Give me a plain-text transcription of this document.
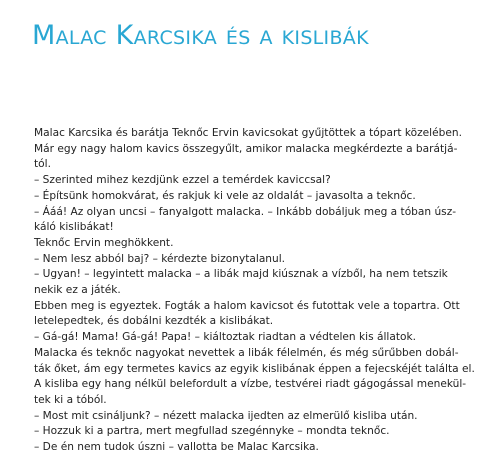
Malac Karcsika és a kislibák
Malac Karcsika és barátja Teknőc Ervin kavicsokat gyűjtöttek a tópart közelében.
Már egy nagy halom kavics összegyűlt, amikor malacka megkérdezte a barátjá-
tól.
– Szerinted mihez kezdjünk ezzel a temérdek kaviccsal?
– Építsünk homokvárat, és rakjuk ki vele az oldalát – javasolta a teknőc.
– Ááá! Az olyan uncsi – fanyalgott malacka. – Inkább dobáljuk meg a tóban úsz-
káló kislibákat!
Teknőc Ervin meghökkent.
– Nem lesz abból baj? – kérdezte bizonytalanul.
– Ugyan! – legyintett malacka – a libák majd kiúsznak a vízből, ha nem tetszik
nekik ez a játék.
Ebben meg is egyeztek. Fogták a halom kavicsot és futottak vele a topartra. Ott
letelepedtek, és dobálni kezdték a kislibákat.
– Gá-gá! Mama! Gá-gá! Papa! – kiáltoztak riadtan a védtelen kis állatok.
Malacka és teknőc nagyokat nevettek a libák félelmén, és még sűrűbben dobál-
ták őket, ám egy termetes kavics az egyik kislibának éppen a fejecskéjét találta el.
A kisliba egy hang nélkül belefordult a vízbe, testvérei riadt gágogással menekül-
tek ki a tóból.
– Most mit csináljunk? – nézett malacka ijedten az elmerülő kisliba után.
– Hozzuk ki a partra, mert megfullad szegénnyke – mondta teknőc.
– De én nem tudok úszni – vallotta be Malac Karcsika.
